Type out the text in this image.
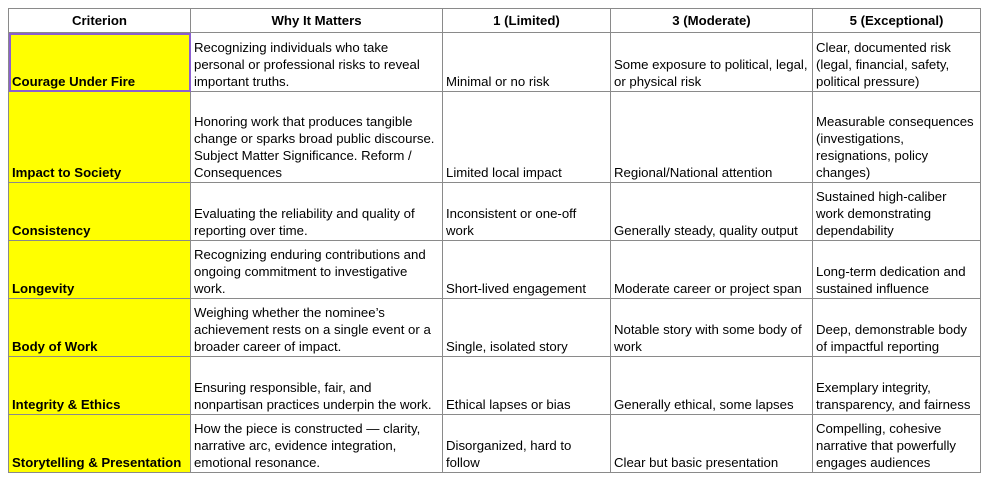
Criterion	Why It Matters	1 (Limited)	3 (Moderate)	5 (Exceptional)
Courage Under Fire	Recognizing individuals who take personal or professional risks to reveal important truths.	Minimal or no risk	Some exposure to political, legal, or physical risk	Clear, documented risk (legal, financial, safety, political pressure)
Impact to Society	Honoring work that produces tangible change or sparks broad public discourse. Subject Matter Significance. Reform / Consequences	Limited local impact	Regional/National attention	Measurable consequences (investigations, resignations, policy changes)
Consistency	Evaluating the reliability and quality of reporting over time.	Inconsistent or one-off work	Generally steady, quality output	Sustained high-caliber work demonstrating dependability
Longevity	Recognizing enduring contributions and ongoing commitment to investigative work.	Short-lived engagement	Moderate career or project span	Long-term dedication and sustained influence
Body of Work	Weighing whether the nominee’s achievement rests on a single event or a broader career of impact.	Single, isolated story	Notable story with some body of work	Deep, demonstrable body of impactful reporting
Integrity & Ethics	Ensuring responsible, fair, and nonpartisan practices underpin the work.	Ethical lapses or bias	Generally ethical, some lapses	Exemplary integrity, transparency, and fairness
Storytelling & Presentation	How the piece is constructed — clarity, narrative arc, evidence integration, emotional resonance.	Disorganized, hard to follow	Clear but basic presentation	Compelling, cohesive narrative that powerfully engages audiences
